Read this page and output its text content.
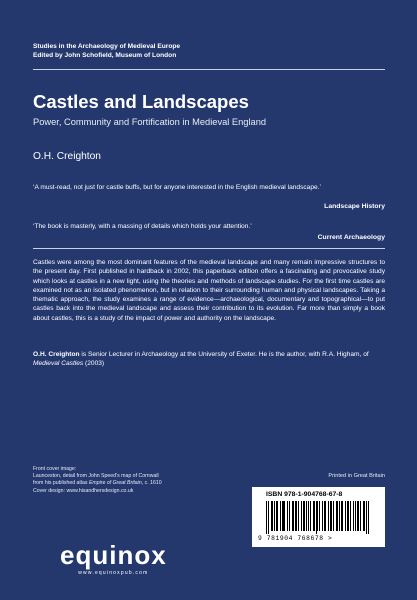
Studies in the Archaeology of Medieval Europe
Edited by John Schofield, Museum of London
Castles and Landscapes
Power, Community and Fortification in Medieval England
O.H. Creighton
‘A must-read, not just for castle buffs, but for anyone interested in the English medieval landscape.’
Landscape History
‘The book is masterly, with a massing of details which holds your attention.’
Current Archaeology
Castles were among the most dominant features of the medieval landscape and many remain impressive structures to the present day. First published in hardback in 2002, this paperback edition offers a fascinating and provocative study which looks at castles in a new light, using the theories and methods of landscape studies. For the first time castles are examined not as an isolated phenomenon, but in relation to their surrounding human and physical landscapes. Taking a thematic approach, the study examines a range of evidence—archaeological, documentary and topographical—to put castles back into the medieval landscape and assess their contribution to its evolution. Far more than simply a book about castles, this is a study of the impact of power and authority on the landscape.
O.H. Creighton is Senior Lecturer in Archaeology at the University of Exeter. He is the author, with R.A. Higham, of Medieval Castles (2003)
Front cover image:
Launceston, detail from John Speed’s map of Cornwall
from his published atlas Empire of Great Britain, c. 1610
Cover design: www.hisandhersdesign.co.uk
Printed in Great Britain
ISBN 978-1-904768-67-8
9 781904 768678 >
equinox
www.equinoxpub.com
